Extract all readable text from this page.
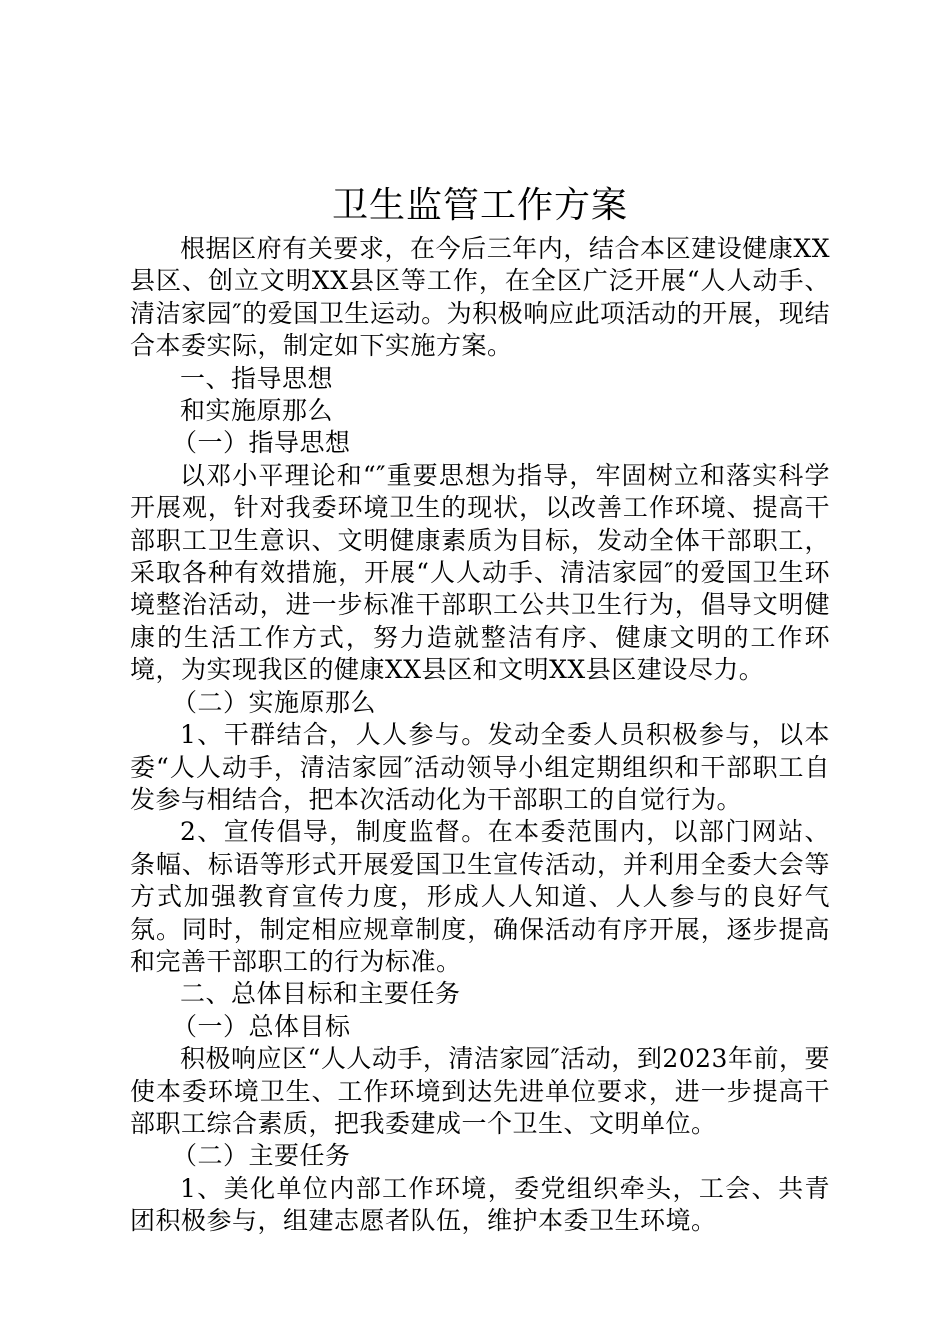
卫生监管工作方案

根据区府有关要求，在今后三年内，结合本区建设健康XX县区、创立文明XX县区等工作，在全区广泛开展“人人动手、清洁家园″的爱国卫生运动。为积极响应此项活动的开展，现结合本委实际，制定如下实施方案。

一、指导思想

和实施原那么

（一）指导思想

以邓小平理论和“″重要思想为指导，牢固树立和落实科学开展观，针对我委环境卫生的现状，以改善工作环境、提高干部职工卫生意识、文明健康素质为目标，发动全体干部职工，采取各种有效措施，开展“人人动手、清洁家园″的爱国卫生环境整治活动，进一步标准干部职工公共卫生行为，倡导文明健康的生活工作方式，努力造就整洁有序、健康文明的工作环境，为实现我区的健康XX县区和文明XX县区建设尽力。

（二）实施原那么

1、干群结合，人人参与。发动全委人员积极参与，以本委“人人动手，清洁家园″活动领导小组定期组织和干部职工自发参与相结合，把本次活动化为干部职工的自觉行为。

2、宣传倡导，制度监督。在本委范围内，以部门网站、条幅、标语等形式开展爱国卫生宣传活动，并利用全委大会等方式加强教育宣传力度，形成人人知道、人人参与的良好气氛。同时，制定相应规章制度，确保活动有序开展，逐步提高和完善干部职工的行为标准。

二、总体目标和主要任务

（一）总体目标

积极响应区“人人动手，清洁家园″活动，到2023年前，要使本委环境卫生、工作环境到达先进单位要求，进一步提高干部职工综合素质，把我委建成一个卫生、文明单位。

（二）主要任务

1、美化单位内部工作环境，委党组织牵头，工会、共青团积极参与，组建志愿者队伍，维护本委卫生环境。
